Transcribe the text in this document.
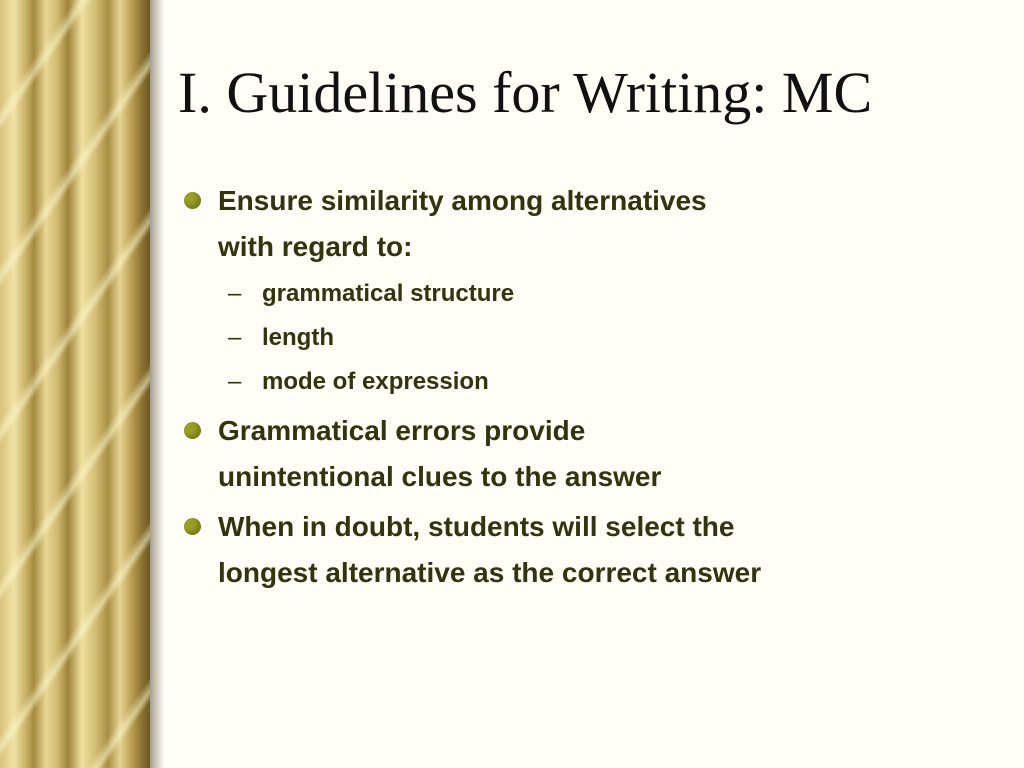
I. Guidelines for Writing: MC
Ensure similarity among alternatives
with regard to:
– grammatical structure
– length
– mode of expression
Grammatical errors provide
unintentional clues to the answer
When in doubt, students will select the
longest alternative as the correct answer
